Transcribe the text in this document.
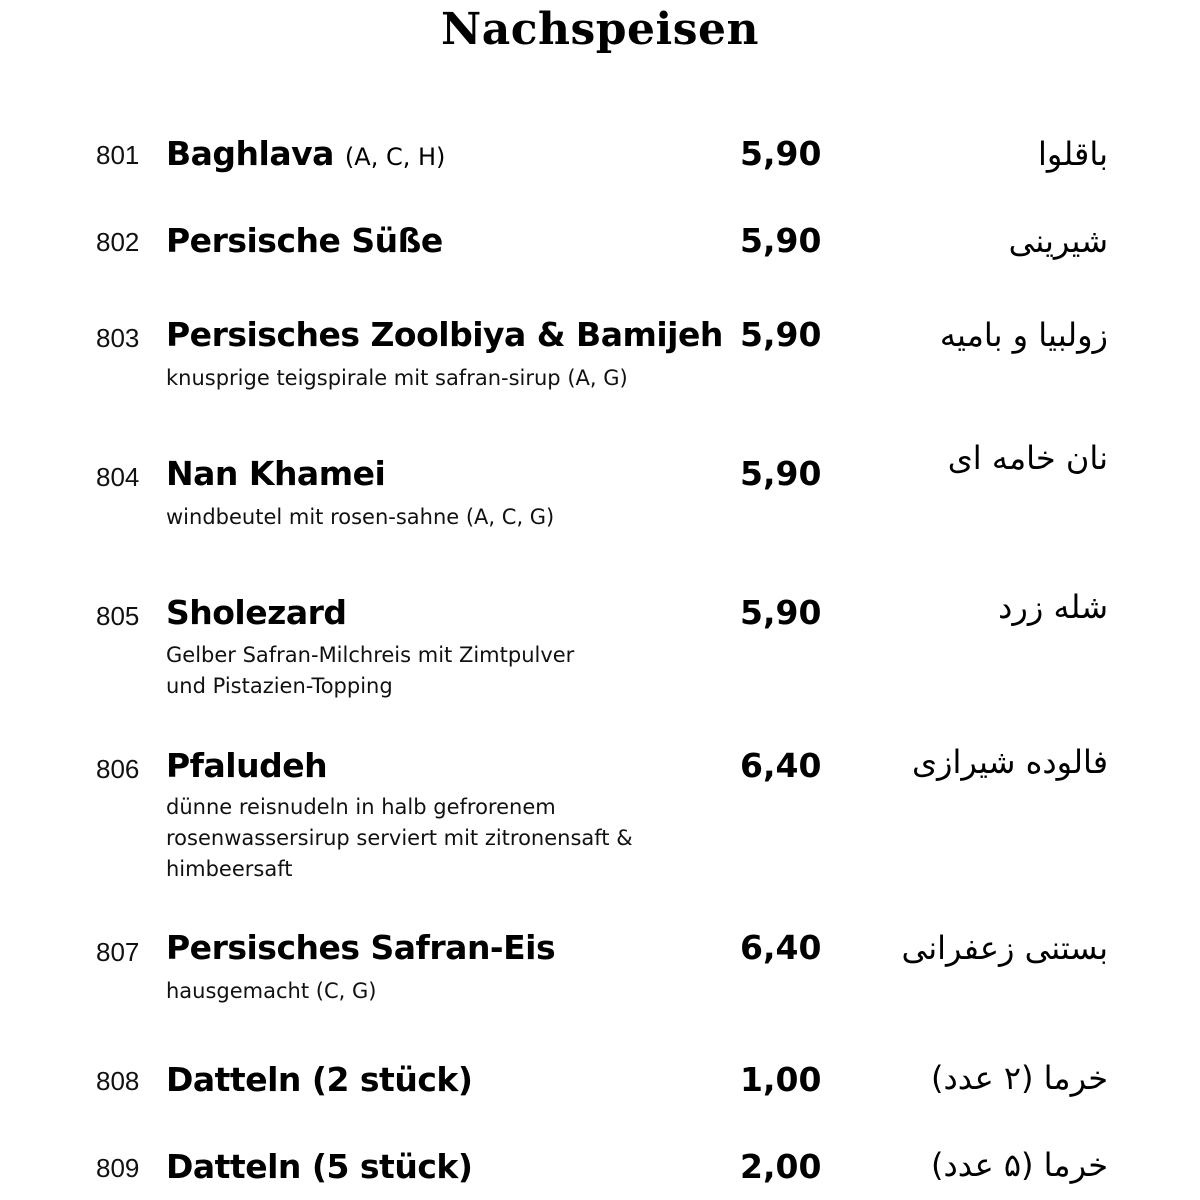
Nachspeisen
801 Baghlava (A, C, H)	5,90	باقلوا
802 Persische Süße	5,90	شیرینی
803 Persisches Zoolbiya & Bamijeh
knusprige teigspirale mit safran-sirup (A, G)
5,90	زولبیا و بامیه
804 Nan Khamei
windbeutel mit rosen-sahne (A, C, G)
5,90	نان خامه ای
805 Sholezard
Gelber Safran-Milchreis mit Zimtpulver und Pistazien-Topping
5,90	شله زرد
806 Pfaludeh
dünne reisnudeln in halb gefrorenem rosenwassersirup serviert mit zitronensaft & himbeersaft
6,40	فالوده شیرازی
807 Persisches Safran-Eis
hausgemacht (C, G)
6,40	بستنی زعفرانی
808 Datteln (2 stück)	1,00	خرما (۲ عدد)
809 Datteln (5 stück)	2,00	خرما (۵ عدد)
